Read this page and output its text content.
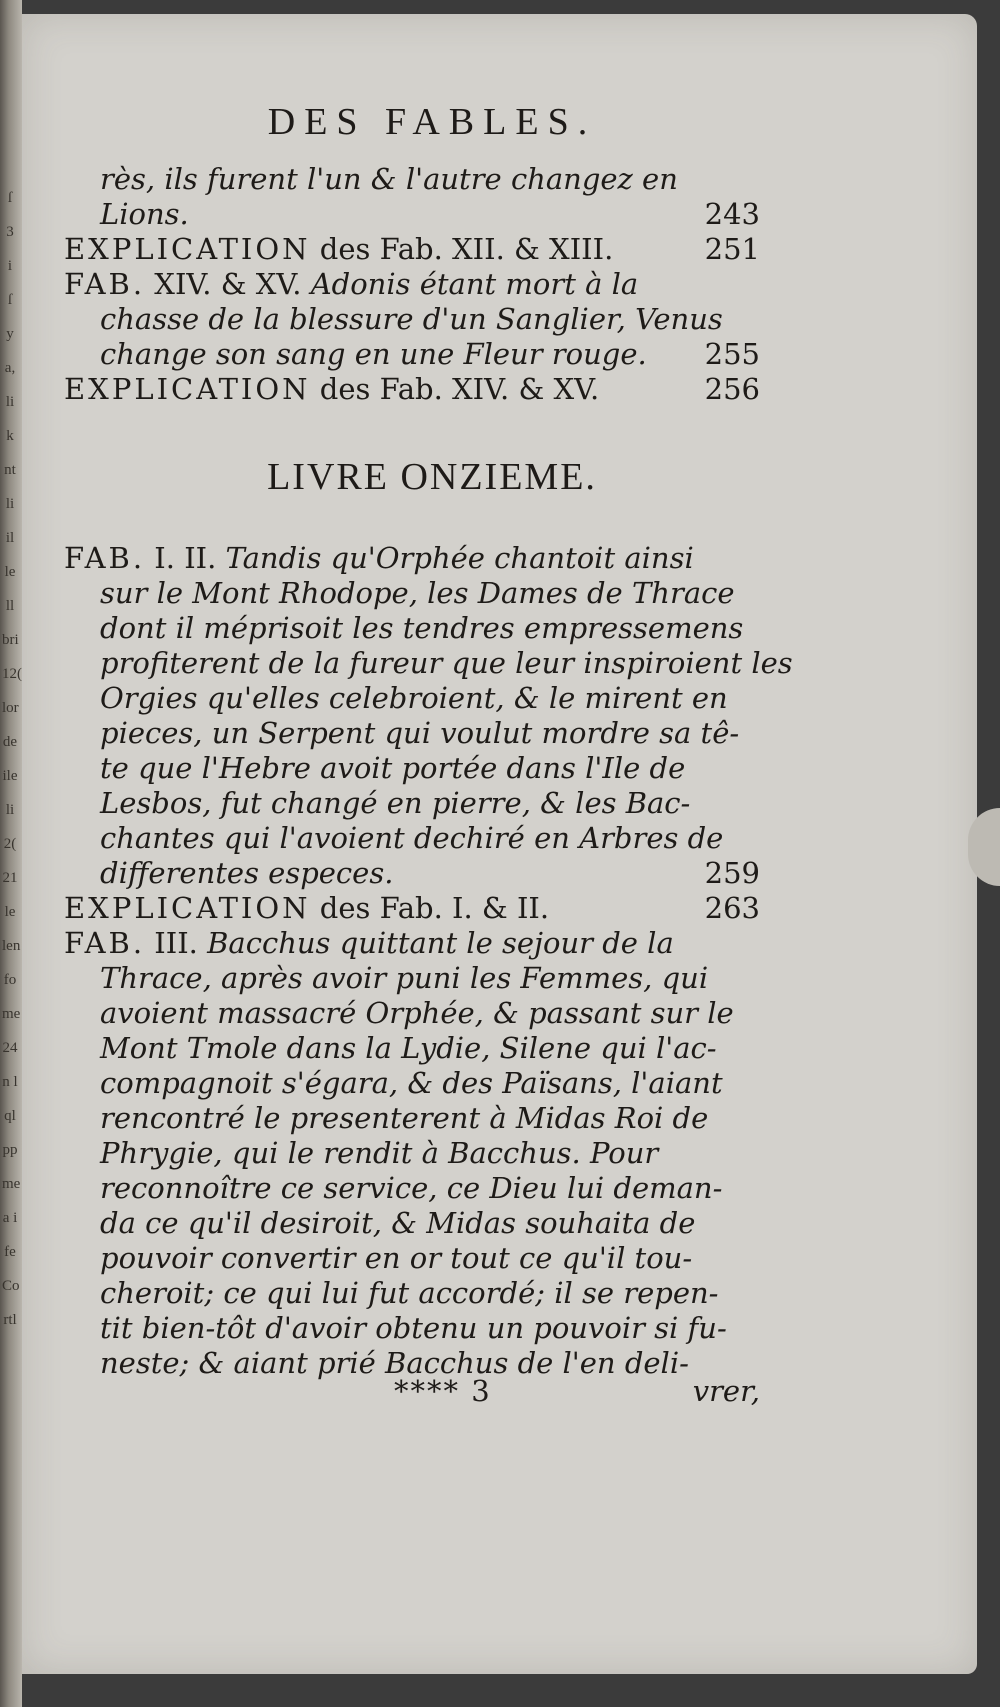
ſ
3
i
ſ
y
a,
li
k
nt
li
il
le
ll
bri
12(
lor
de
ile
li
2(
21
le
len
fo
me
24
n l
ql
pp
me
a i
fe
Co
rtl
DES FABLES.

rès, ils furent l'un & l'autre changez en
Lions.	243

EXPLICATION des Fab. XII. & XIII.	251

FAB. XIV. & XV. Adonis étant mort à la
chasse de la blessure d'un Sanglier, Venus
change son sang en une Fleur rouge. 255

EXPLICATION des Fab. XIV. & XV.	256

LIVRE ONZIEME.

FAB. I. II. Tandis qu'Orphée chantoit ainsi
sur le Mont Rhodope, les Dames de Thrace
dont il méprisoit les tendres empressemens
profiterent de la fureur que leur inspiroient les
Orgies qu'elles celebroient, & le mirent en
pieces, un Serpent qui voulut mordre sa tê-
te que l'Hebre avoit portée dans l'Ile de
Lesbos, fut changé en pierre, & les Bac-
chantes qui l'avoient dechiré en Arbres de
differentes especes.	259

EXPLICATION des Fab. I. & II.	263

FAB. III. Bacchus quittant le sejour de la
Thrace, après avoir puni les Femmes, qui
avoient massacré Orphée, & passant sur le
Mont Tmole dans la Lydie, Silene qui l'ac-
compagnoit s'égara, & des Païsans, l'aiant
rencontré le presenterent à Midas Roi de
Phrygie, qui le rendit à Bacchus. Pour
reconnoître ce service, ce Dieu lui deman-
da ce qu'il desiroit, & Midas souhaita de
pouvoir convertir en or tout ce qu'il tou-
cheroit; ce qui lui fut accordé; il se repen-
tit bien-tôt d'avoir obtenu un pouvoir si fu-
neste; & aiant prié Bacchus de l'en deli-

**** 3	vrer,
